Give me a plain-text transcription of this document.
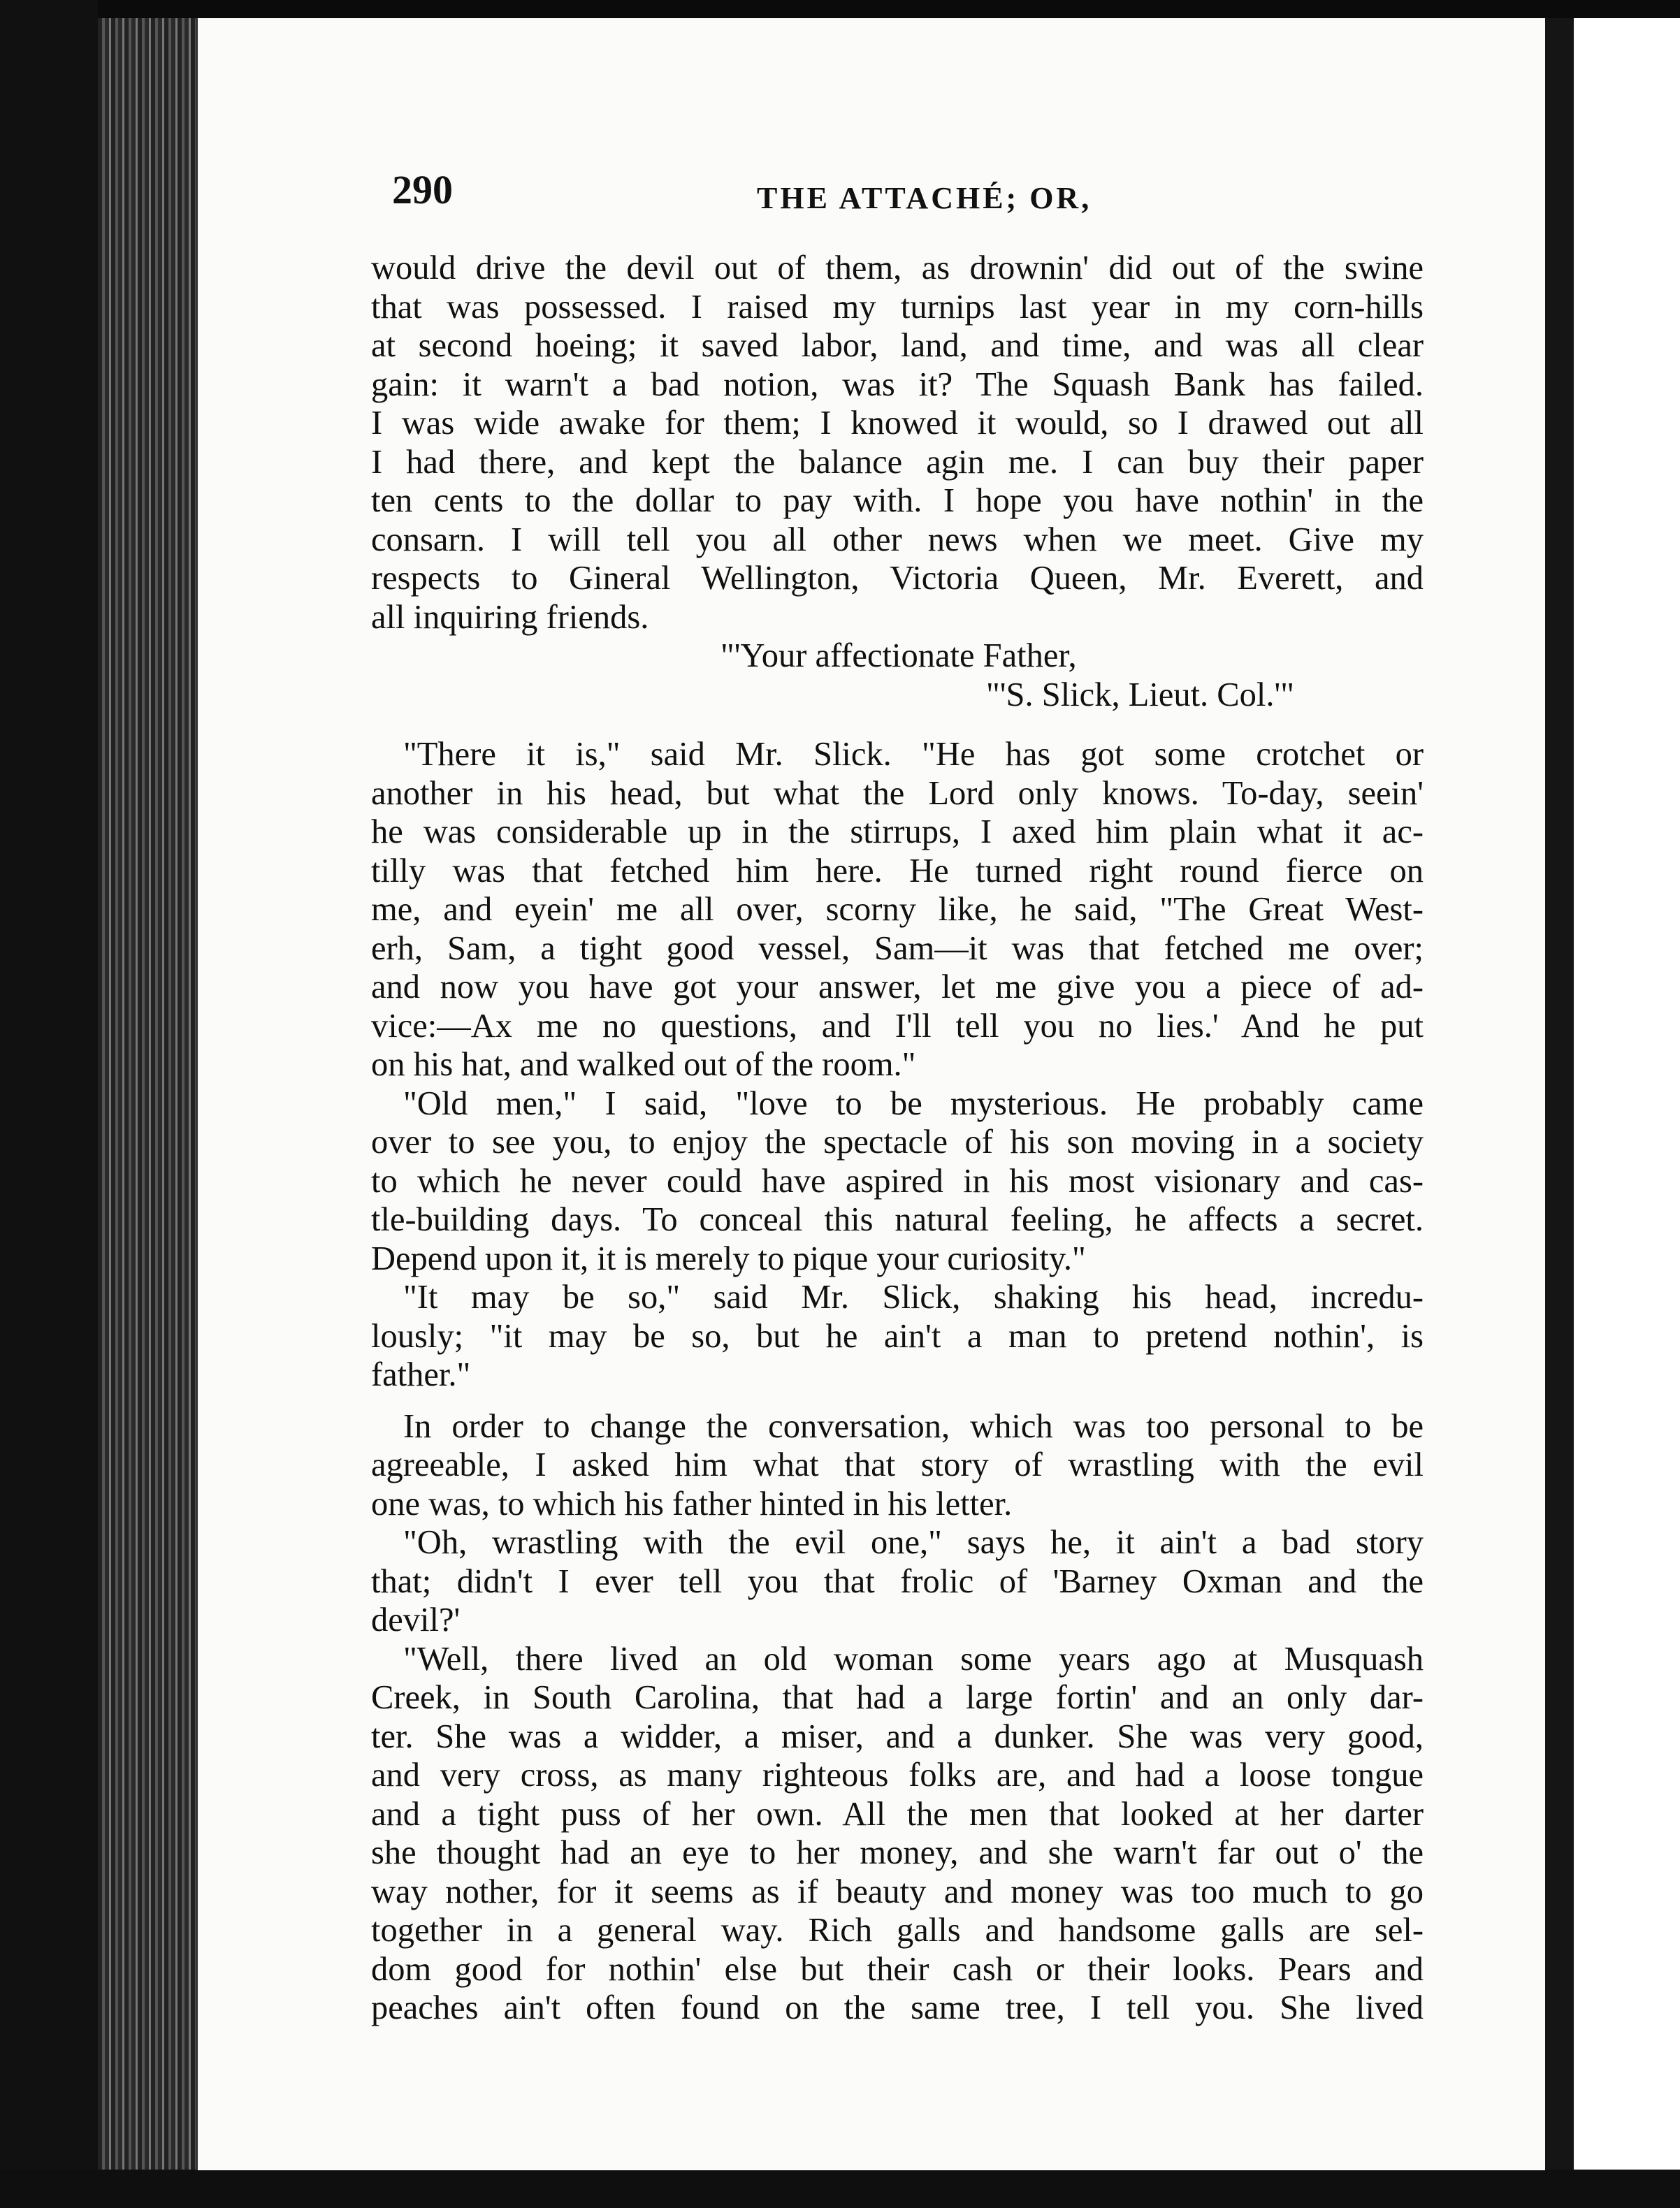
290	THE ATTACHÉ; OR,
would drive the devil out of them, as drownin' did out of the swine
that was possessed. I raised my turnips last year in my corn-hills
at second hoeing; it saved labor, land, and time, and was all clear
gain: it warn't a bad notion, was it? The Squash Bank has failed.
I was wide awake for them; I knowed it would, so I drawed out all
I had there, and kept the balance agin me. I can buy their paper
ten cents to the dollar to pay with. I hope you have nothin' in the
consarn. I will tell you all other news when we meet. Give my
respects to Gineral Wellington, Victoria Queen, Mr. Everett, and
all inquiring friends.
"'Your affectionate Father,
"'S. Slick, Lieut. Col.'"
"There it is," said Mr. Slick. "He has got some crotchet or
another in his head, but what the Lord only knows. To-day, seein'
he was considerable up in the stirrups, I axed him plain what it ac-
tilly was that fetched him here. He turned right round fierce on
me, and eyein' me all over, scorny like, he said, "The Great West-
erh, Sam, a tight good vessel, Sam—it was that fetched me over;
and now you have got your answer, let me give you a piece of ad-
vice:—Ax me no questions, and I'll tell you no lies.' And he put
on his hat, and walked out of the room."
"Old men," I said, "love to be mysterious. He probably came
over to see you, to enjoy the spectacle of his son moving in a society
to which he never could have aspired in his most visionary and cas-
tle-building days. To conceal this natural feeling, he affects a secret.
Depend upon it, it is merely to pique your curiosity."
"It may be so," said Mr. Slick, shaking his head, incredu-
lously; "it may be so, but he ain't a man to pretend nothin', is
father."
In order to change the conversation, which was too personal to be
agreeable, I asked him what that story of wrastling with the evil
one was, to which his father hinted in his letter.
"Oh, wrastling with the evil one," says he, it ain't a bad story
that; didn't I ever tell you that frolic of 'Barney Oxman and the
devil?'
"Well, there lived an old woman some years ago at Musquash
Creek, in South Carolina, that had a large fortin' and an only dar-
ter. She was a widder, a miser, and a dunker. She was very good,
and very cross, as many righteous folks are, and had a loose tongue
and a tight puss of her own. All the men that looked at her darter
she thought had an eye to her money, and she warn't far out o' the
way nother, for it seems as if beauty and money was too much to go
together in a general way. Rich galls and handsome galls are sel-
dom good for nothin' else but their cash or their looks. Pears and
peaches ain't often found on the same tree, I tell you. She lived
